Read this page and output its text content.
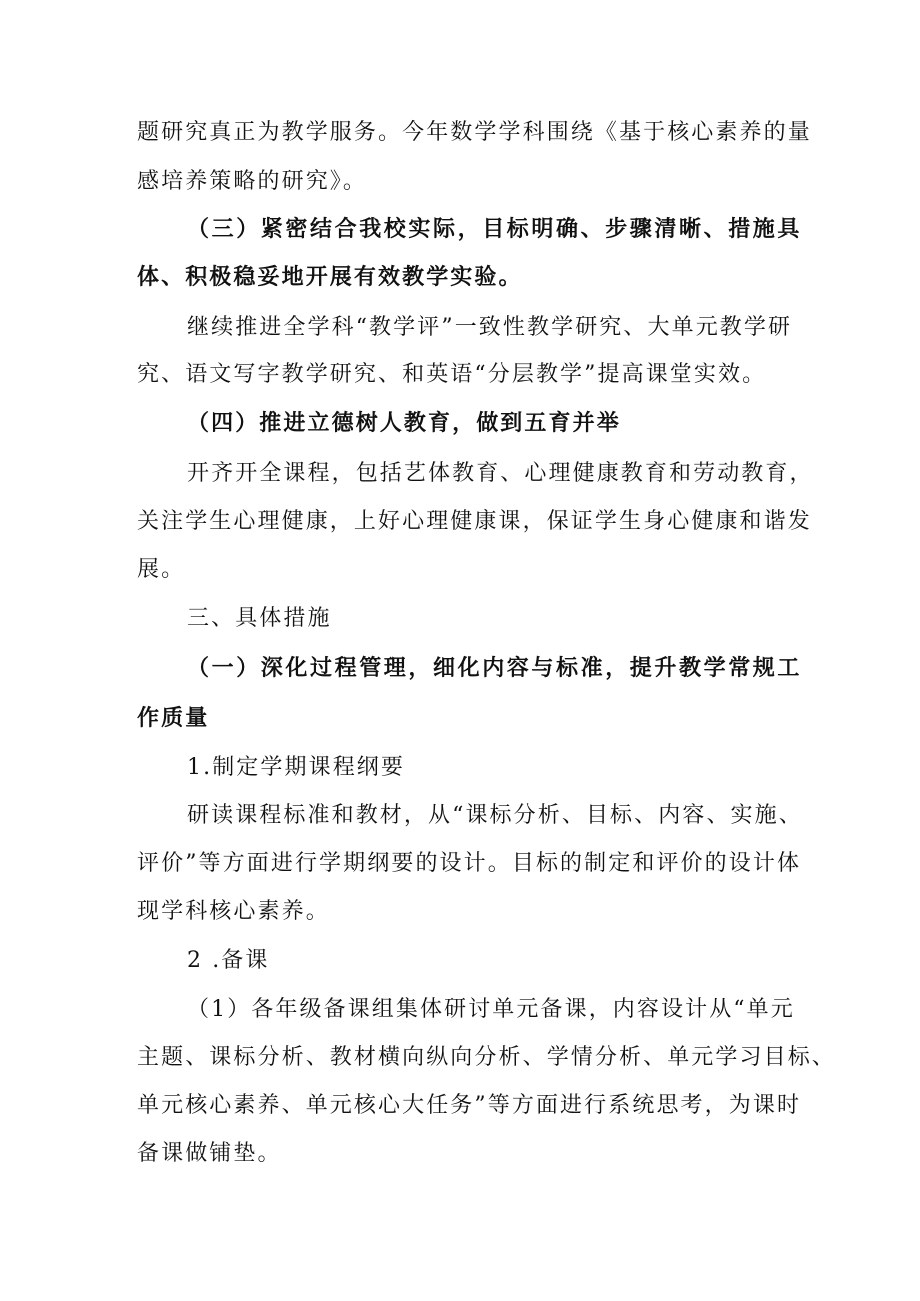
题研究真正为教学服务。今年数学学科围绕《基于核心素养的量
感培养策略的研究》。
（三）紧密结合我校实际，目标明确、步骤清晰、措施具
体、积极稳妥地开展有效教学实验。
继续推进全学科“教学评”一致性教学研究、大单元教学研
究、语文写字教学研究、和英语“分层教学”提高课堂实效。
（四）推进立德树人教育，做到五育并举
开齐开全课程，包括艺体教育、心理健康教育和劳动教育，
关注学生心理健康，上好心理健康课，保证学生身心健康和谐发
展。
三、具体措施
（一）深化过程管理，细化内容与标准，提升教学常规工
作质量
1.制定学期课程纲要
研读课程标准和教材，从“课标分析、目标、内容、实施、
评价”等方面进行学期纲要的设计。目标的制定和评价的设计体
现学科核心素养。
2 .备课
（1）各年级备课组集体研讨单元备课，内容设计从“单元
主题、课标分析、教材横向纵向分析、学情分析、单元学习目标、
单元核心素养、单元核心大任务”等方面进行系统思考，为课时
备课做铺垫。
